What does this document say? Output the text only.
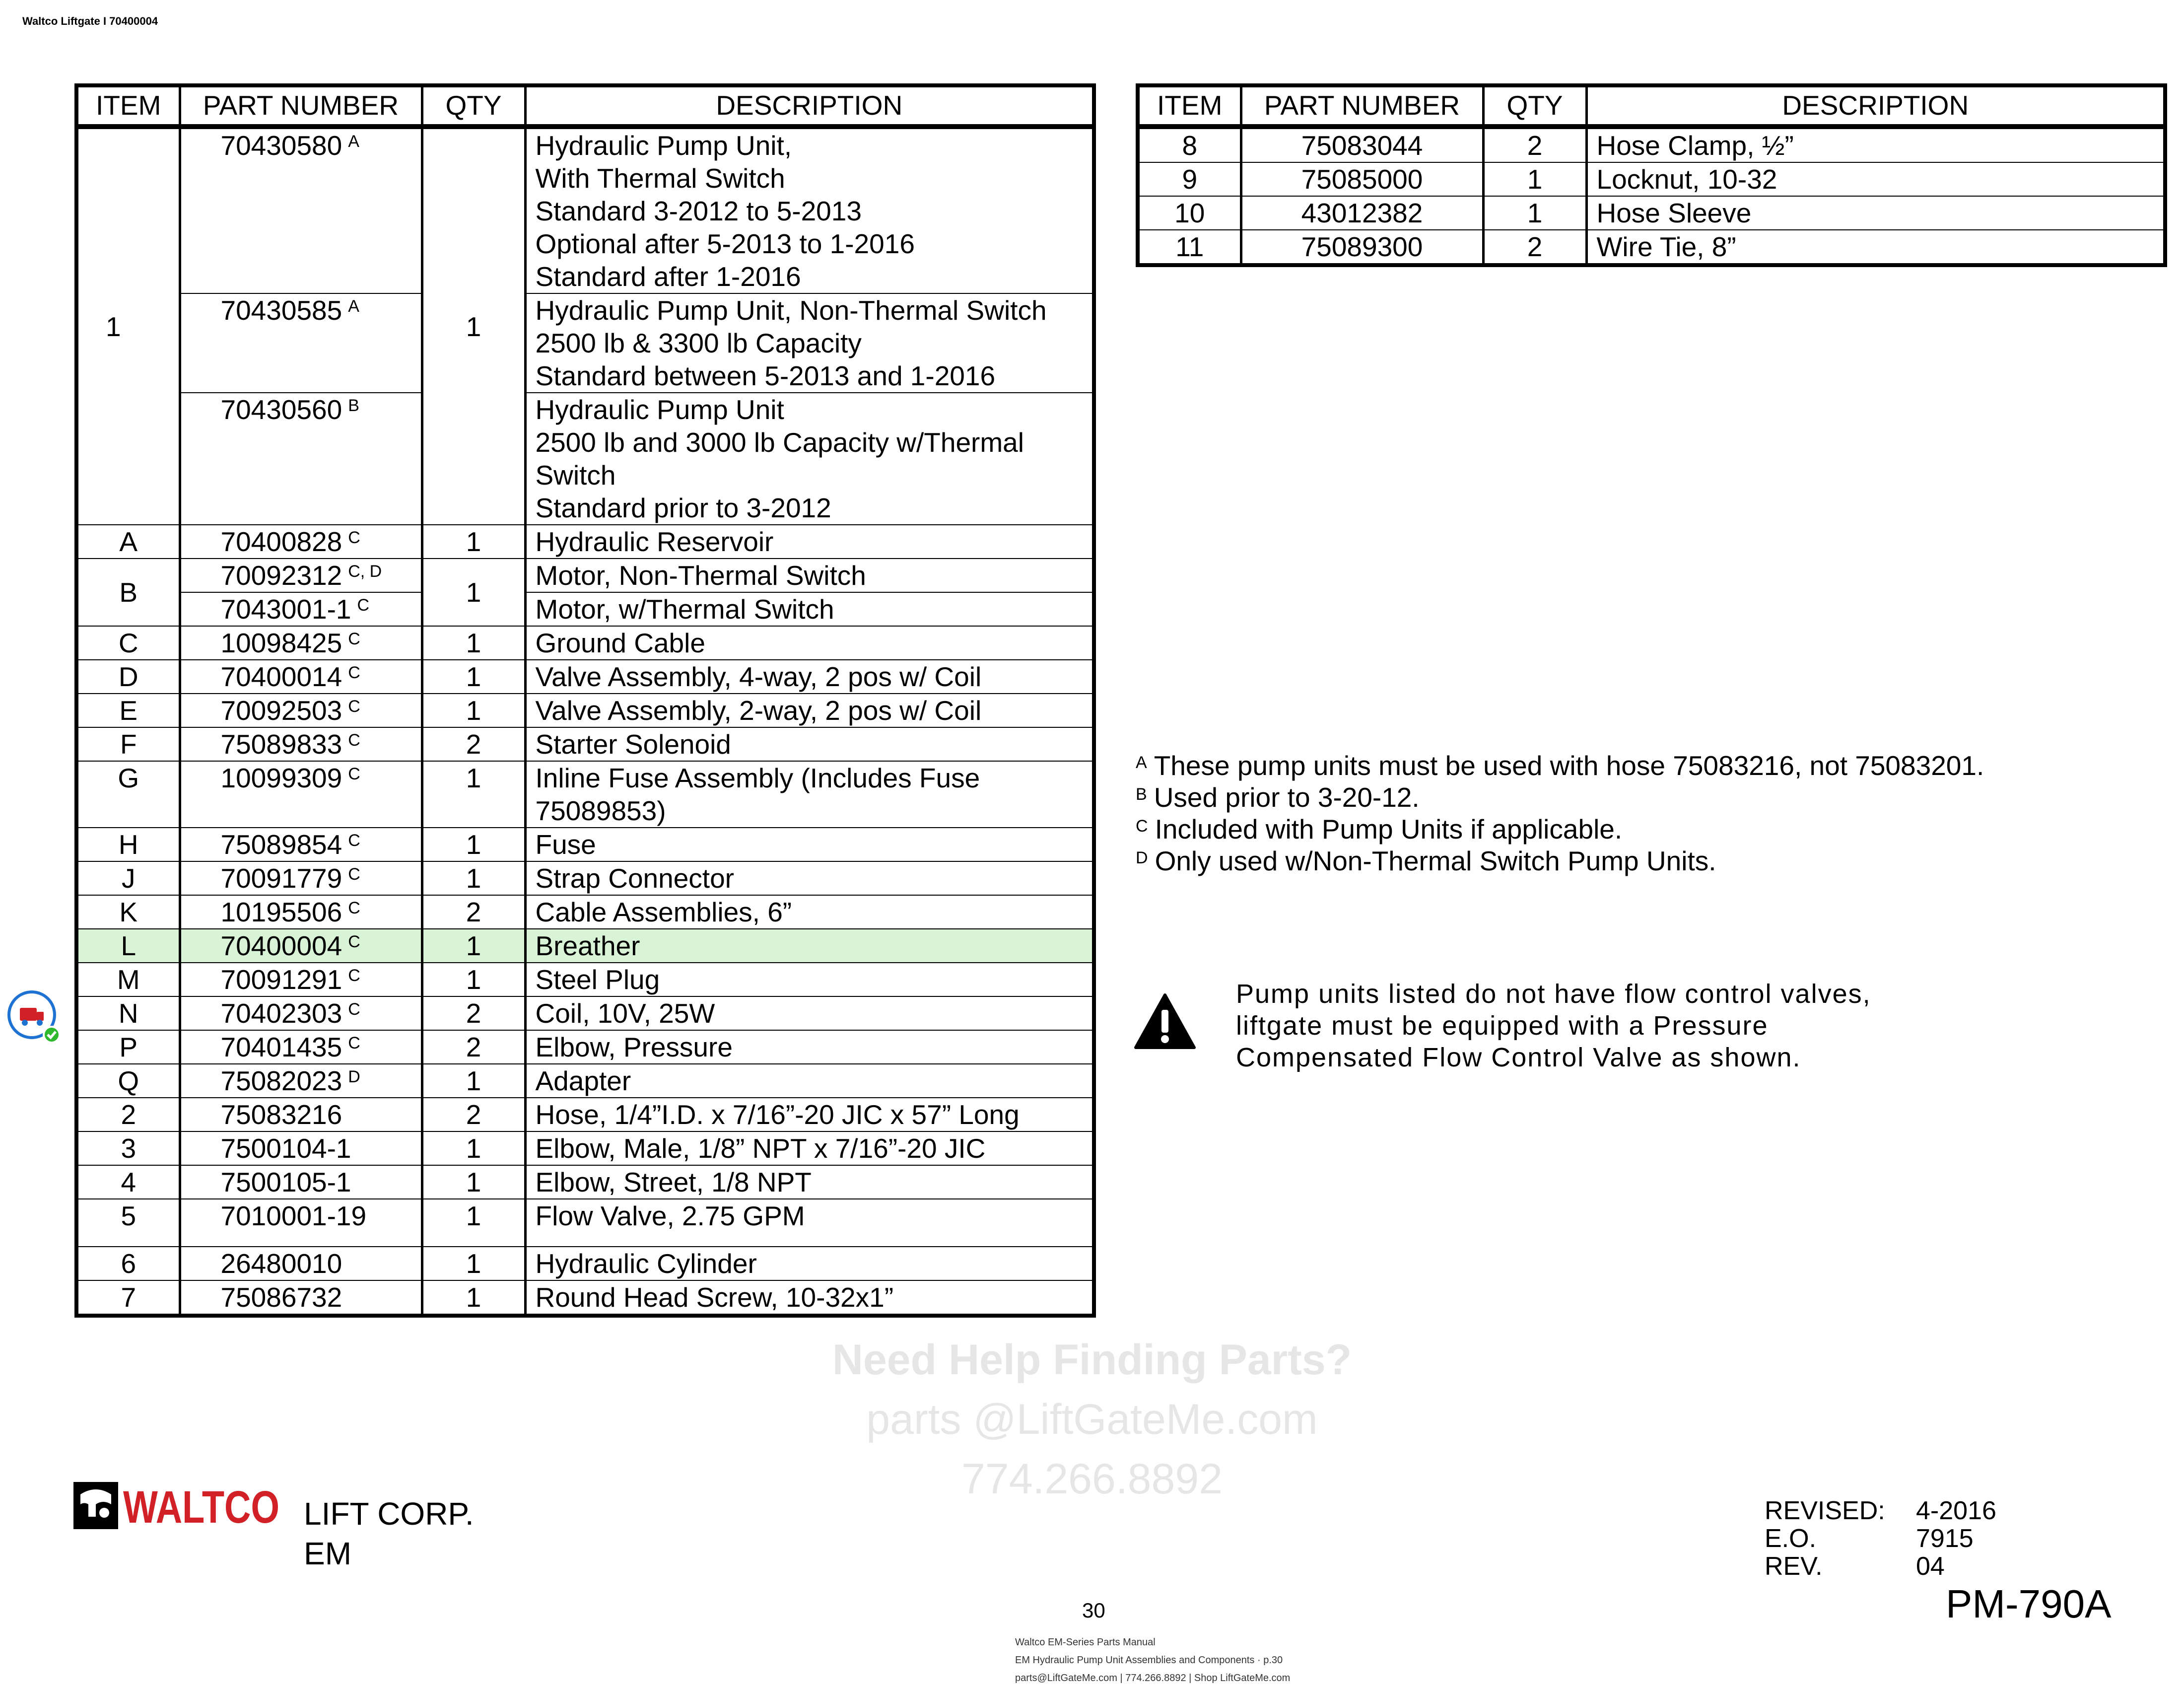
Waltco Liftgate I 70400004
ITEM	PART NUMBER	QTY	DESCRIPTION
1	70430580 $^A$	1	Hydraulic Pump Unit,
With Thermal Switch
Standard 3-2012 to 5-2013
Optional after 5-2013 to 1-2016
Standard after 1-2016

	70430585 $^A$		Hydraulic Pump Unit, Non-Thermal Switch
2500 lb & 3300 lb Capacity
Standard between 5-2013 and 1-2016

	70430560 $^B$		Hydraulic Pump Unit
2500 lb and 3000 lb Capacity w/Thermal Switch
Standard prior to 3-2012

A	70400828 $^C$	1	Hydraulic Reservoir
B	70092312 $^{C, D}$	1	Motor, Non-Thermal Switch
	7043001-1 $^C$		Motor, w/Thermal Switch
C	10098425 $^C$	1	Ground Cable
D	70400014 $^C$	1	Valve Assembly, 4-way, 2 pos w/ Coil
E	70092503 $^C$	1	Valve Assembly, 2-way, 2 pos w/ Coil
F	75089833 $^C$	2	Starter Solenoid
G	10099309 $^C$	1	Inline Fuse Assembly (Includes Fuse 75089853)
H	75089854 $^C$	1	Fuse
J	70091779 $^C$	1	Strap Connector
K	10195506 $^C$	2	Cable Assemblies, 6”
L	70400004 $^C$	1	Breather
M	70091291 $^C$	1	Steel Plug
N	70402303 $^C$	2	Coil, 10V, 25W
P	70401435 $^C$	2	Elbow, Pressure
Q	75082023 $^D$	1	Adapter
2	75083216	2	Hose, 1/4”I.D. x 7/16”-20 JIC x 57” Long
3	7500104-1	1	Elbow, Male, 1/8” NPT x 7/16”-20 JIC
4	7500105-1	1	Elbow, Street, 1/8 NPT
5	7010001-19	1	Flow Valve, 2.75 GPM
6	26480010	1	Hydraulic Cylinder
7	75086732	1	Round Head Screw, 10-32x1”
ITEM	PART NUMBER	QTY	DESCRIPTION
8	75083044	2	Hose Clamp, ½”
9	75085000	1	Locknut, 10-32
10	43012382	1	Hose Sleeve
11	75089300	2	Wire Tie, 8”
$^A$ These pump units must be used with hose 75083216, not 75083201.
$^B$ Used prior to 3-20-12.
$^C$ Included with Pump Units if applicable.
$^D$ Only used w/Non-Thermal Switch Pump Units.
Pump units listed do not have flow control valves, liftgate must be equipped with a Pressure Compensated Flow Control Valve as shown.
Need Help Finding Parts?
parts @LiftGateMe.com
774.266.8892
WALTCO LIFT CORP.
EM
REVISED: 4-2016
E.O.	7915
REV.	04
PM-790A
30
Waltco EM-Series Parts Manual
EM Hydraulic Pump Unit Assemblies and Components · p.30
parts@LiftGateMe.com | 774.266.8892 | Shop LiftGateMe.com
